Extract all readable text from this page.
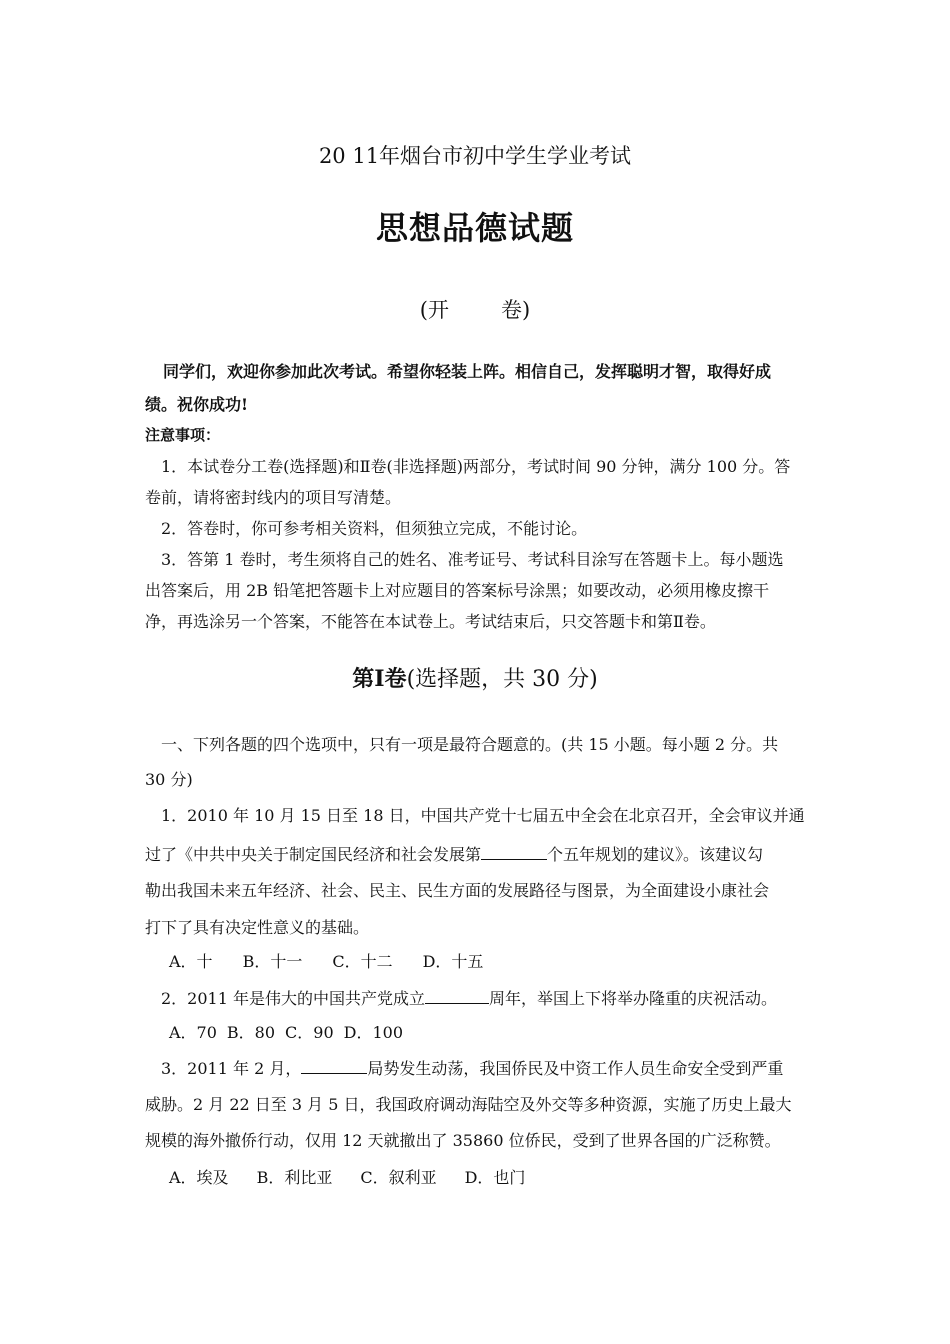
20 11年烟台市初中学生学业考试
思想品德试题
(开 卷)
同学们，欢迎你参加此次考试。希望你轻装上阵。相信自己，发挥聪明才智，取得好成
绩。祝你成功!
注意事项：
1．本试卷分工卷(选择题)和Ⅱ卷(非选择题)两部分，考试时间 90 分钟，满分 100 分。答
卷前，请将密封线内的项目写清楚。
2．答卷时，你可参考相关资料，但须独立完成，不能讨论。
3．答第 1 卷时，考生须将自己的姓名、准考证号、考试科目涂写在答题卡上。每小题选
出答案后，用 2B 铅笔把答题卡上对应题目的答案标号涂黑；如要改动，必须用橡皮擦干
净，再选涂另一个答案，不能答在本试卷上。考试结束后，只交答题卡和第Ⅱ卷。
第Ⅰ卷(选择题，共 30 分)
一、下列各题的四个选项中，只有一项是最符合题意的。(共 15 小题。每小题 2 分。共
30 分)
1．2010 年 10 月 15 日至 18 日，中国共产党十七届五中全会在北京召开，全会审议并通
过了《中共中央关于制定国民经济和社会发展第	个五年规划的建议》。该建议勾
勒出我国未来五年经济、社会、民主、民生方面的发展路径与图景，为全面建设小康社会
打下了具有决定性意义的基础。
A．十 B．十一 C．十二 D．十五
2．2011 年是伟大的中国共产党成立	周年，举国上下将举办隆重的庆祝活动。
A．70 B．80 C．90 D．100
3．2011 年 2 月，	局势发生动荡，我国侨民及中资工作人员生命安全受到严重
威胁。2 月 22 日至 3 月 5 日，我国政府调动海陆空及外交等多种资源，实施了历史上最大
规模的海外撤侨行动，仅用 12 天就撤出了 35860 位侨民，受到了世界各国的广泛称赞。
A．埃及 B．利比亚 C．叙利亚 D．也门
